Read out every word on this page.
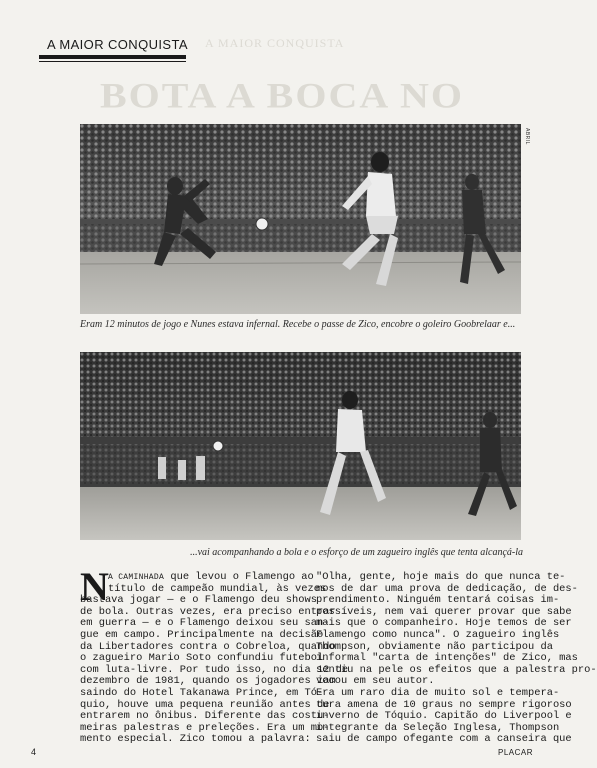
A MAIOR CONQUISTA
BOTA A BOCA NO
A MAIOR CONQUISTA
ABRIL
Eram 12 minutos de jogo e Nunes estava infernal. Recebe o passe de Zico, encobre o goleiro Goobrelaar e...
...vai acompanhando a bola e o esforço de um zagueiro inglês que tenta alcançá-la
N A CAMINHADA que levou o Flamengo ao
título de campeão mundial, às vezes
bastava jogar — e o Flamengo deu shows
de bola. Outras vezes, era preciso entrar
em guerra — e o Flamengo deixou seu san-
gue em campo. Principalmente na decisão
da Libertadores contra o Cobreloa, quando
o zagueiro Mario Soto confundiu futebol
com luta-livre. Por tudo isso, no dia 12 de
dezembro de 1981, quando os jogadores iam
saindo do Hotel Takanawa Prince, em Tó-
quio, houve uma pequena reunião antes de
entrarem no ônibus. Diferente das costu-
meiras palestras e preleções. Era um mo-
mento especial. Zico tomou a palavra:
"Olha, gente, hoje mais do que nunca te-
mos de dar uma prova de dedicação, de des-
prendimento. Ninguém tentará coisas im-
possíveis, nem vai querer provar que sabe
mais que o companheiro. Hoje temos de ser
Flamengo como nunca". O zagueiro inglês
Thompson, obviamente não participou da
informal "carta de intenções" de Zico, mas
sentiu na pele os efeitos que a palestra pro-
vocou em seu autor.
Era um raro dia de muito sol e tempera-
tura amena de 10 graus no sempre rigoroso
inverno de Tóquio. Capitão do Liverpool e
integrante da Seleção Inglesa, Thompson
saiu de campo ofegante com a canseira que
4	PLACAR
